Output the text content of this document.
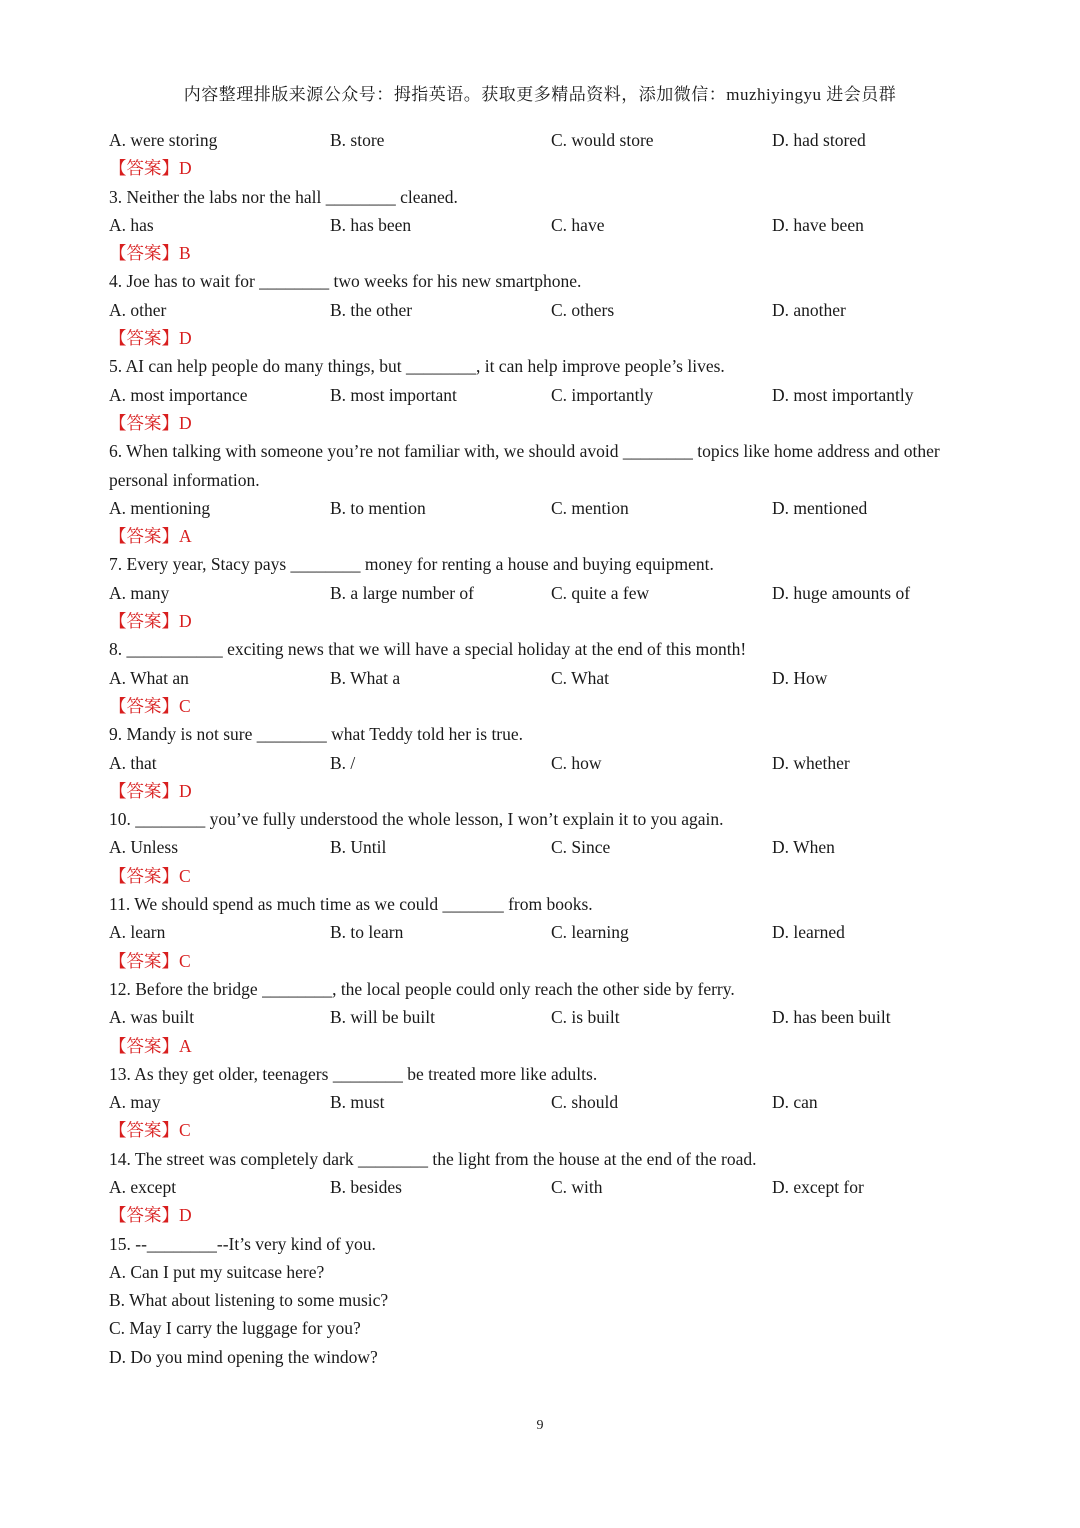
内容整理排版来源公众号：拇指英语。获取更多精品资料，添加微信：muzhiyingyu 进会员群
A. were storing	B. store	C. would store	D. had stored
【答案】D
3. Neither the labs nor the hall ________ cleaned.
A. has	B. has been	C. have	D. have been
【答案】B
4. Joe has to wait for ________ two weeks for his new smartphone.
A. other	B. the other	C. others	D. another
【答案】D
5. AI can help people do many things, but ________, it can help improve people’s lives.
A. most importance	B. most important	C. importantly	D. most importantly
【答案】D
6. When talking with someone you’re not familiar with, we should avoid ________ topics like home address and other personal information.
A. mentioning	B. to mention	C. mention	D. mentioned
【答案】A
7. Every year, Stacy pays ________ money for renting a house and buying equipment.
A. many	B. a large number of	C. quite a few	D. huge amounts of
【答案】D
8. ___________ exciting news that we will have a special holiday at the end of this month!
A. What an	B. What a	C. What	D. How
【答案】C
9. Mandy is not sure ________ what Teddy told her is true.
A. that	B. /	C. how	D. whether
【答案】D
10. ________ you’ve fully understood the whole lesson, I won’t explain it to you again.
A. Unless	B. Until	C. Since	D. When
【答案】C
11. We should spend as much time as we could _______ from books.
A. learn	B. to learn	C. learning	D. learned
【答案】C
12. Before the bridge ________, the local people could only reach the other side by ferry.
A. was built	B. will be built	C. is built	D. has been built
【答案】A
13. As they get older, teenagers ________ be treated more like adults.
A. may	B. must	C. should	D. can
【答案】C
14. The street was completely dark ________ the light from the house at the end of the road.
A. except	B. besides	C. with	D. except for
【答案】D
15. --________--It’s very kind of you.
A. Can I put my suitcase here?
B. What about listening to some music?
C. May I carry the luggage for you?
D. Do you mind opening the window?
9
